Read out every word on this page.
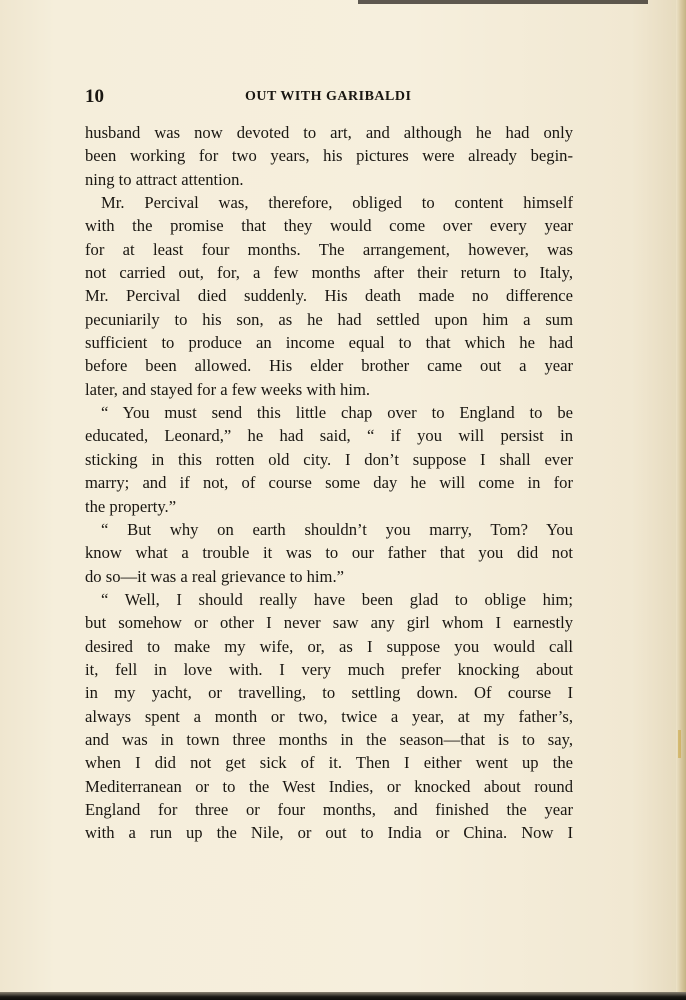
10	OUT WITH GARIBALDI
husband was now devoted to art, and although he had only
been working for two years, his pictures were already begin-
ning to attract attention.
Mr. Percival was, therefore, obliged to content himself
with the promise that they would come over every year
for at least four months. The arrangement, however, was
not carried out, for, a few months after their return to Italy,
Mr. Percival died suddenly. His death made no difference
pecuniarily to his son, as he had settled upon him a sum
sufficient to produce an income equal to that which he had
before been allowed. His elder brother came out a year
later, and stayed for a few weeks with him.
“ You must send this little chap over to England to be
educated, Leonard,” he had said, “ if you will persist in
sticking in this rotten old city. I don’t suppose I shall ever
marry; and if not, of course some day he will come in for
the property.”
“ But why on earth shouldn’t you marry, Tom? You
know what a trouble it was to our father that you did not
do so—it was a real grievance to him.”
“ Well, I should really have been glad to oblige him;
but somehow or other I never saw any girl whom I earnestly
desired to make my wife, or, as I suppose you would call
it, fell in love with. I very much prefer knocking about
in my yacht, or travelling, to settling down. Of course I
always spent a month or two, twice a year, at my father’s,
and was in town three months in the season—that is to say,
when I did not get sick of it. Then I either went up the
Mediterranean or to the West Indies, or knocked about round
England for three or four months, and finished the year
with a run up the Nile, or out to India or China. Now I
